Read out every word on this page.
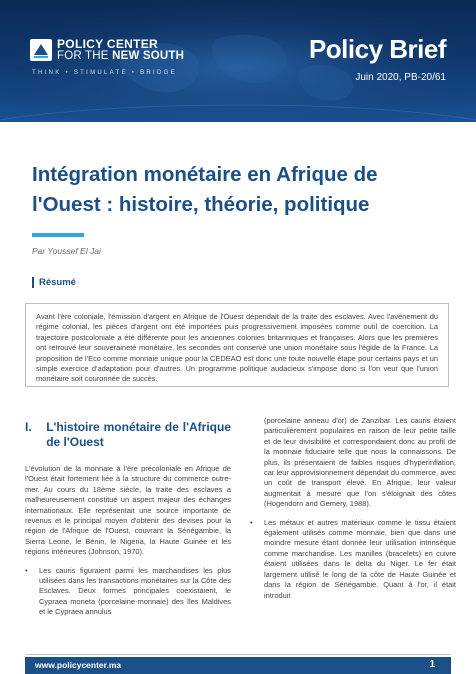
POLICY CENTER
FOR THE NEW SOUTH
THINK • STIMULATE • BRIDGE
Policy Brief
Juin 2020, PB-20/61
Intégration monétaire en Afrique de
l'Ouest : histoire, théorie, politique
Par Youssef El Jai
Résumé

Avant l'ère coloniale, l'émission d'argent en Afrique de l'Ouest dépendait de la traite des esclaves. Avec l'avènement du régime colonial, les pièces d'argent ont été importées puis progressivement imposées comme outil de coercition. La trajectoire postcoloniale a été différente pour les anciennes colonies britanniques et françaises. Alors que les premières ont retrouvé leur souveraineté monétaire, les secondes ont conservé une union monétaire sous l'égide de la France. La proposition de l'Eco comme monnaie unique pour la CEDEAO est donc une toute nouvelle étape pour certains pays et un simple exercice d'adaptation pour d'autres. Un programme politique audacieux s'impose donc si l'on veut que l'union monétaire soit couronnée de succès.

I.	L'histoire monétaire de l'Afrique de l'Ouest

L'évolution de la monnaie à l'ère précoloniale en Afrique de l'Ouest était fortement liée à la structure du commerce outre-mer. Au cours du 18ème siècle, la traite des esclaves a malheureusement constitué un aspect majeur des échanges internationaux. Elle représentait une source importante de revenus et le principal moyen d'obtenir des devises pour la région de l'Afrique de l'Ouest, couvrant la Sénégambie, la Sierra Leone, le Bénin, le Nigeria, la Haute Guinée et les régions intérieures (Johnson, 1970).

•	Les cauris figuraient parmi les marchandises les plus utilisées dans les transactions monétaires sur la Côte des Esclaves. Deux formes principales coexistaient, le Cypraea moneta (porcelaine-monnaie) des îles Maldives et le Cypraea annulus
(porcelaine anneau d'or) de Zanzibar. Les cauris étaient particulièrement populaires en raison de leur petite taille et de leur divisibilité et correspondaient donc au profil de la monnaie fiduciaire telle que nous la connaissons. De plus, ils présentaient de faibles risques d'hyperinflation, car leur approvisionnement dépendait du commerce, avec un coût de transport élevé. En Afrique, leur valeur augmentait à mesure que l'on s'éloignait des côtes (Hogendorn and Gemery, 1988).
•	Les métaux et autres matériaux comme le tissu étaient également utilisés comme monnaie, bien que dans une moindre mesure étant donnée leur utilisation intrinsèque comme marchandise. Les manilles (bracelets) en cuivre étaient utilisées dans le delta du Niger. Le fer était largement utilisé le long de la côte de Haute Guinée et dans la région de Sénégambie. Quant à l'or, il était introduit
www.policycenter.ma	1
